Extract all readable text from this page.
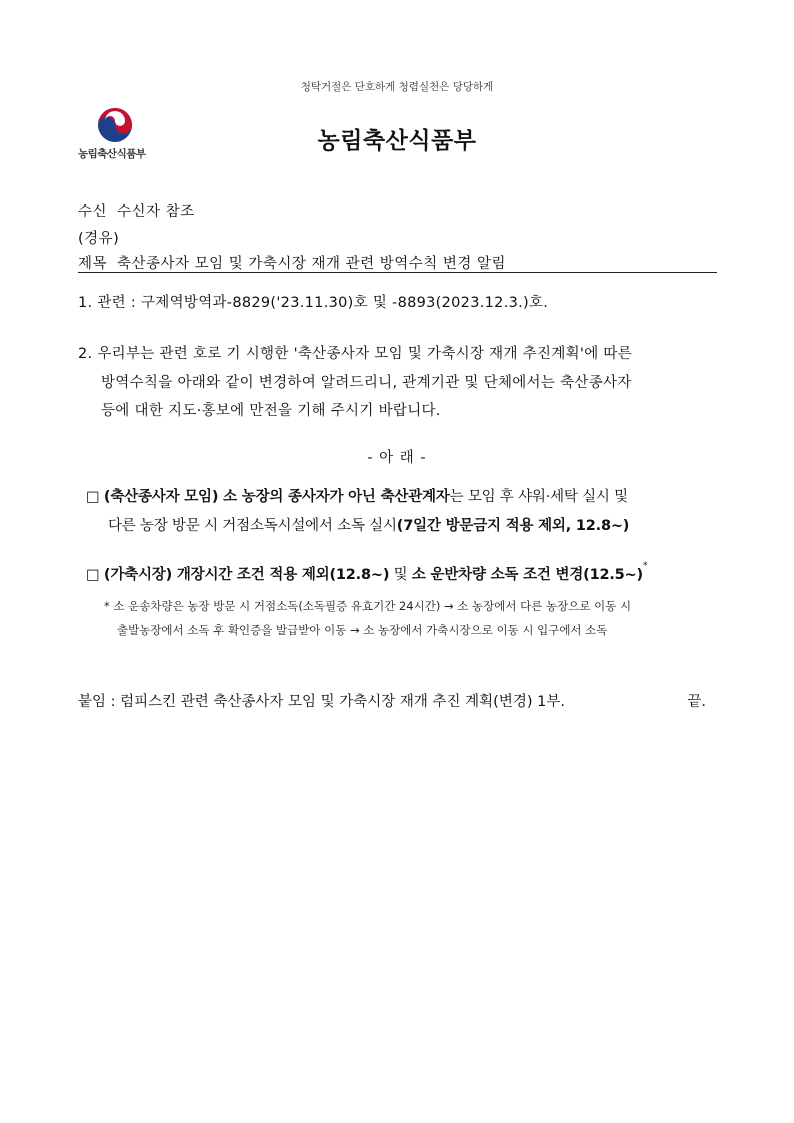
청탁거절은 단호하게 청렴실천은 당당하게
농림축산식품부	농림축산식품부
수신 수신자 참조
(경유)
제목 축산종사자 모임 및 가축시장 재개 관련 방역수칙 변경 알림
1. 관련 : 구제역방역과-8829('23.11.30)호 및 -8893(2023.12.3.)호.
2. 우리부는 관련 호로 기 시행한 '축산종사자 모임 및 가축시장 재개 추진계획'에 따른
방역수칙을 아래와 같이 변경하여 알려드리니, 관계기관 및 단체에서는 축산종사자
등에 대한 지도·홍보에 만전을 기해 주시기 바랍니다.
- 아 래 -
□ (축산종사자 모임) 소 농장의 종사자가 아닌 축산관계자는 모임 후 샤워·세탁 실시 및
다른 농장 방문 시 거점소독시설에서 소독 실시(7일간 방문금지 적용 제외, 12.8~)
□ (가축시장) 개장시간 조건 적용 제외(12.8~) 및 소 운반차량 소독 조건 변경(12.5~)*
* 소 운송차량은 농장 방문 시 거점소독(소독필증 유효기간 24시간) → 소 농장에서 다른 농장으로 이동 시
출발농장에서 소독 후 확인증을 발급받아 이동 → 소 농장에서 가축시장으로 이동 시 입구에서 소독
붙임 : 럼피스킨 관련 축산종사자 모임 및 가축시장 재개 추진 계획(변경) 1부.	끝.
